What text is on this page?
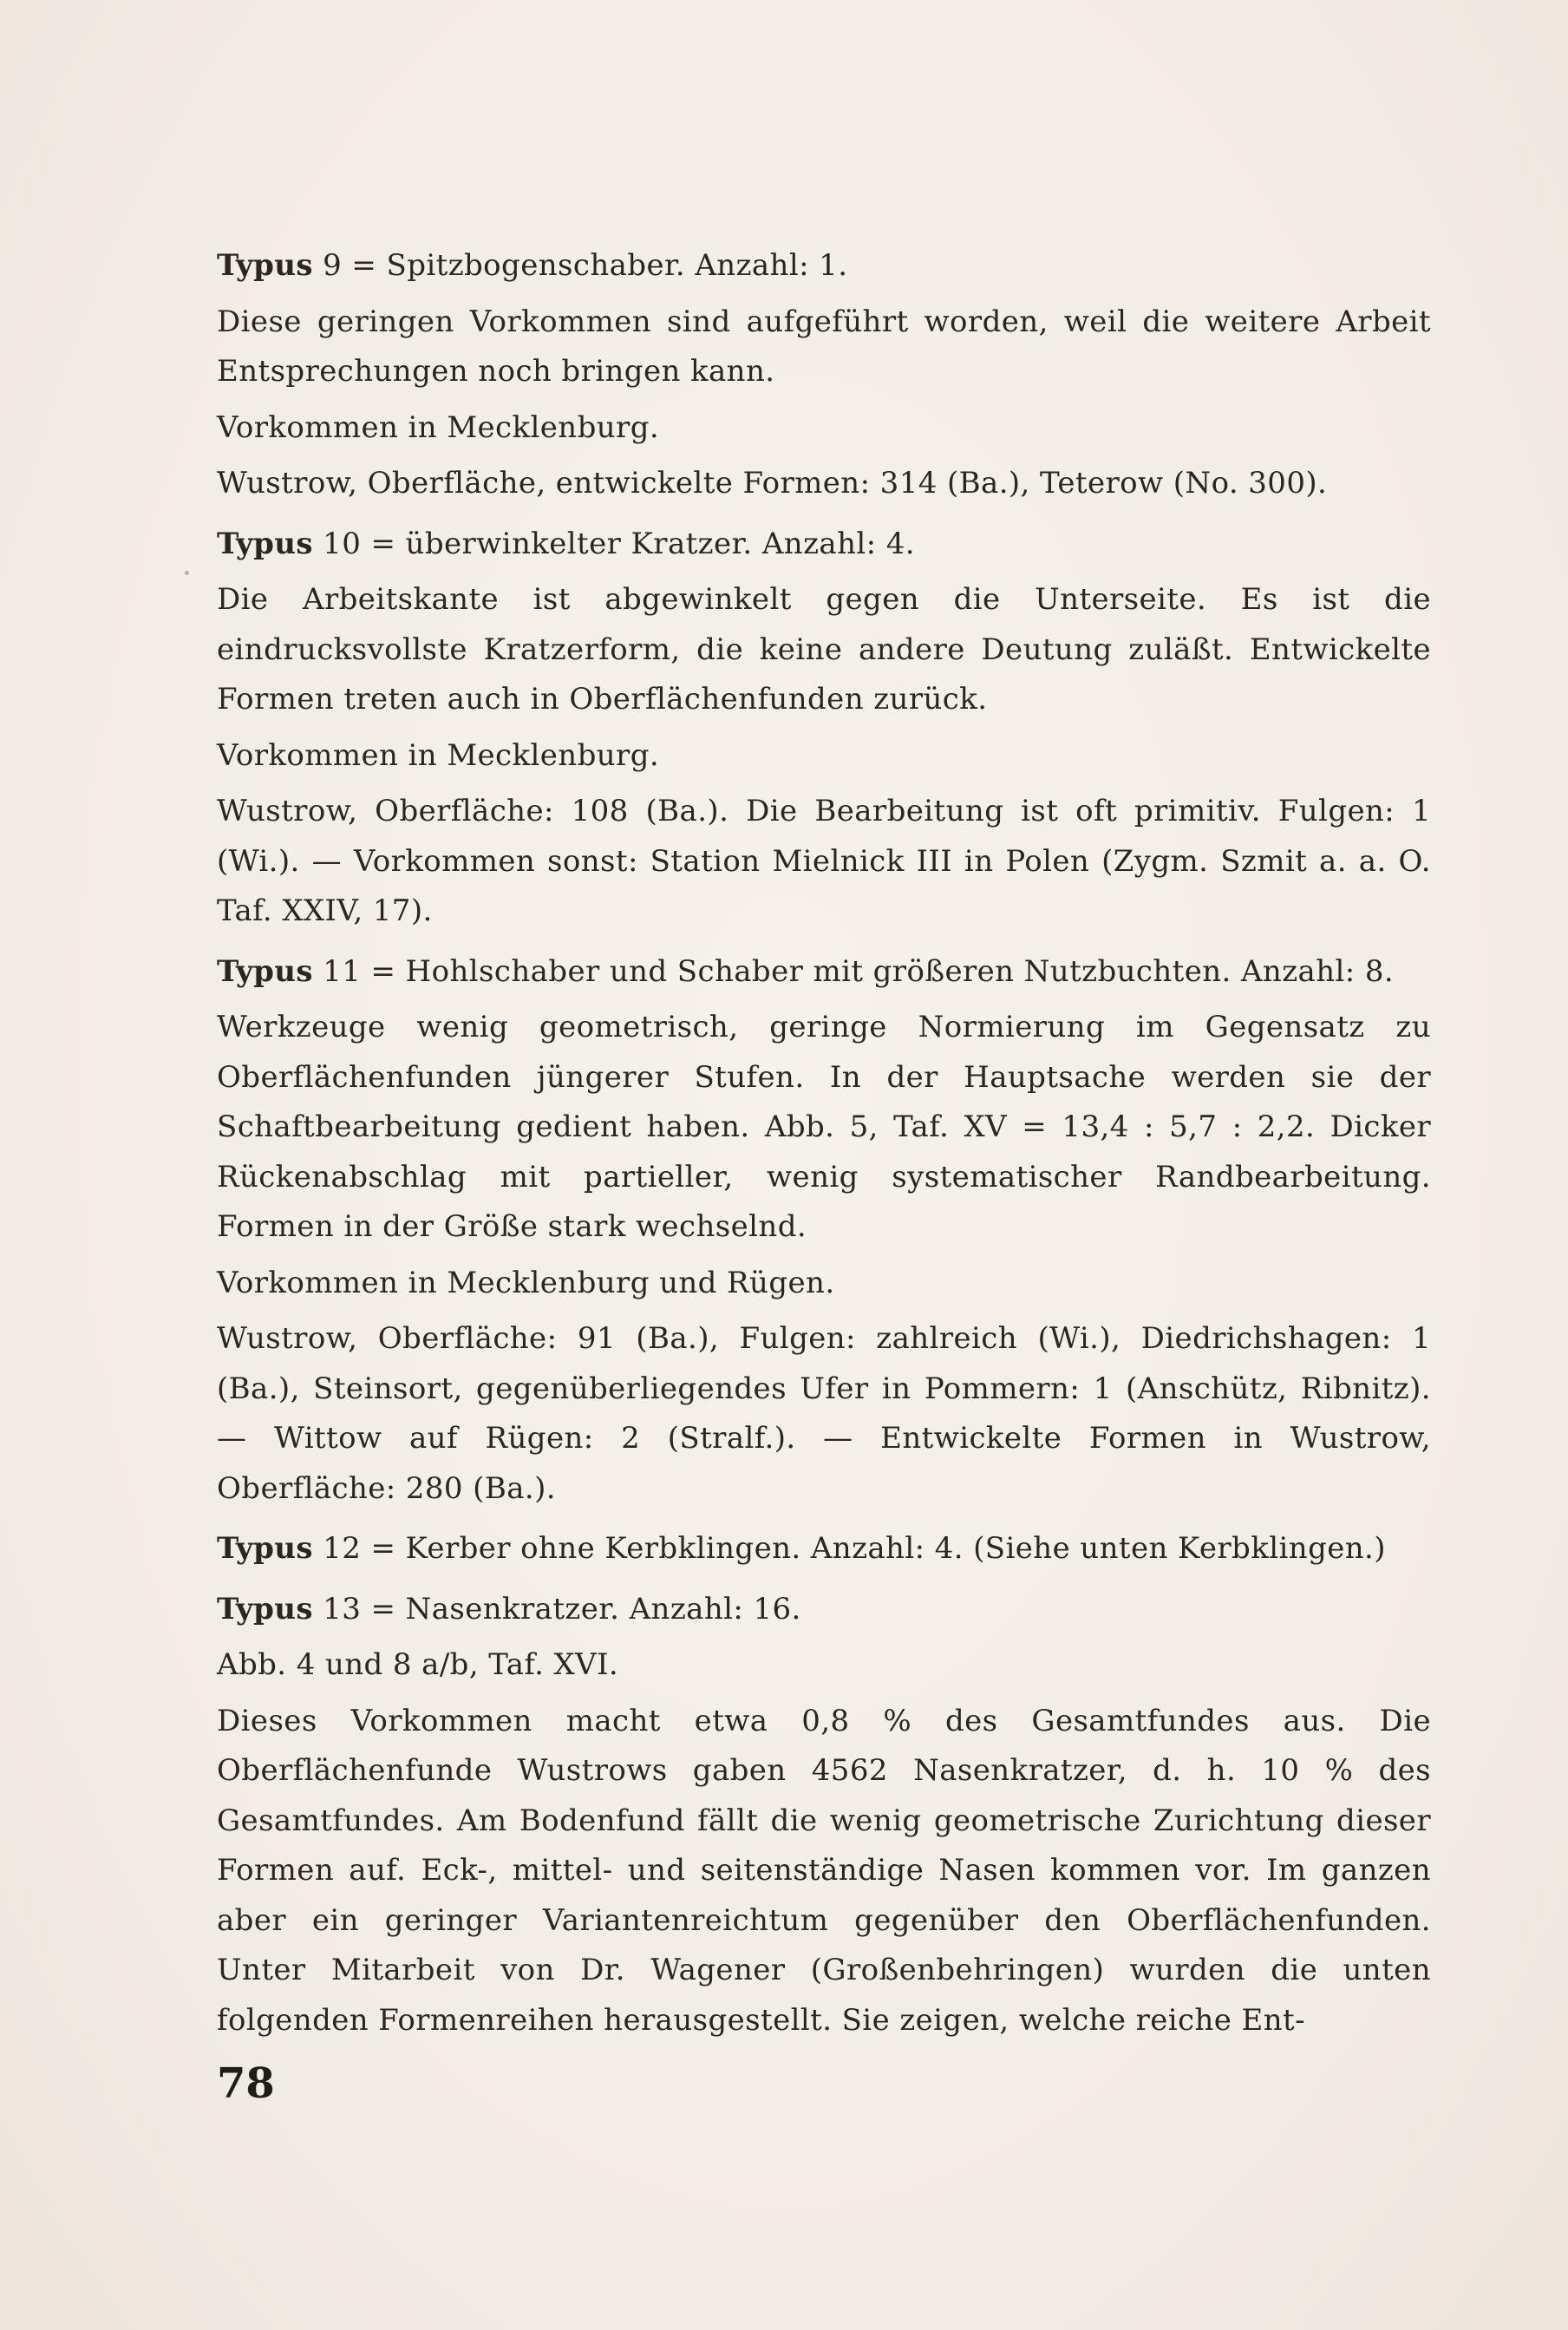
Typus 9 = Spitzbogenschaber. Anzahl: 1.

Diese geringen Vorkommen sind aufgeführt worden, weil die weitere Arbeit Entsprechungen noch bringen kann.

Vorkommen in Mecklenburg.

Wustrow, Oberfläche, entwickelte Formen: 314 (Ba.), Teterow (No. 300).

Typus 10 = überwinkelter Kratzer. Anzahl: 4.

Die Arbeitskante ist abgewinkelt gegen die Unterseite. Es ist die eindrucksvollste Kratzerform, die keine andere Deutung zuläßt. Entwickelte Formen treten auch in Oberflächenfunden zurück.

Vorkommen in Mecklenburg.

Wustrow, Oberfläche: 108 (Ba.). Die Bearbeitung ist oft primitiv. Fulgen: 1 (Wi.). — Vorkommen sonst: Station Mielnick III in Polen (Zygm. Szmit a. a. O. Taf. XXIV, 17).

Typus 11 = Hohlschaber und Schaber mit größeren Nutzbuchten. Anzahl: 8.

Werkzeuge wenig geometrisch, geringe Normierung im Gegensatz zu Oberflächenfunden jüngerer Stufen. In der Hauptsache werden sie der Schaftbearbeitung gedient haben. Abb. 5, Taf. XV = 13,4 : 5,7 : 2,2. Dicker Rückenabschlag mit partieller, wenig systematischer Randbearbeitung. Formen in der Größe stark wechselnd.

Vorkommen in Mecklenburg und Rügen.

Wustrow, Oberfläche: 91 (Ba.), Fulgen: zahlreich (Wi.), Diedrichshagen: 1 (Ba.), Steinsort, gegenüberliegendes Ufer in Pommern: 1 (Anschütz, Ribnitz). — Wittow auf Rügen: 2 (Stralf.). — Entwickelte Formen in Wustrow, Oberfläche: 280 (Ba.).

Typus 12 = Kerber ohne Kerbklingen. Anzahl: 4. (Siehe unten Kerbklingen.)

Typus 13 = Nasenkratzer. Anzahl: 16.

Abb. 4 und 8 a/b, Taf. XVI.

Dieses Vorkommen macht etwa 0,8 % des Gesamtfundes aus. Die Oberflächenfunde Wustrows gaben 4562 Nasenkratzer, d. h. 10 % des Gesamtfundes. Am Bodenfund fällt die wenig geometrische Zurichtung dieser Formen auf. Eck-, mittel- und seitenständige Nasen kommen vor. Im ganzen aber ein geringer Variantenreichtum gegenüber den Oberflächenfunden. Unter Mitarbeit von Dr. Wagener (Großenbehringen) wurden die unten folgenden Formenreihen herausgestellt. Sie zeigen, welche reiche Ent-

78
